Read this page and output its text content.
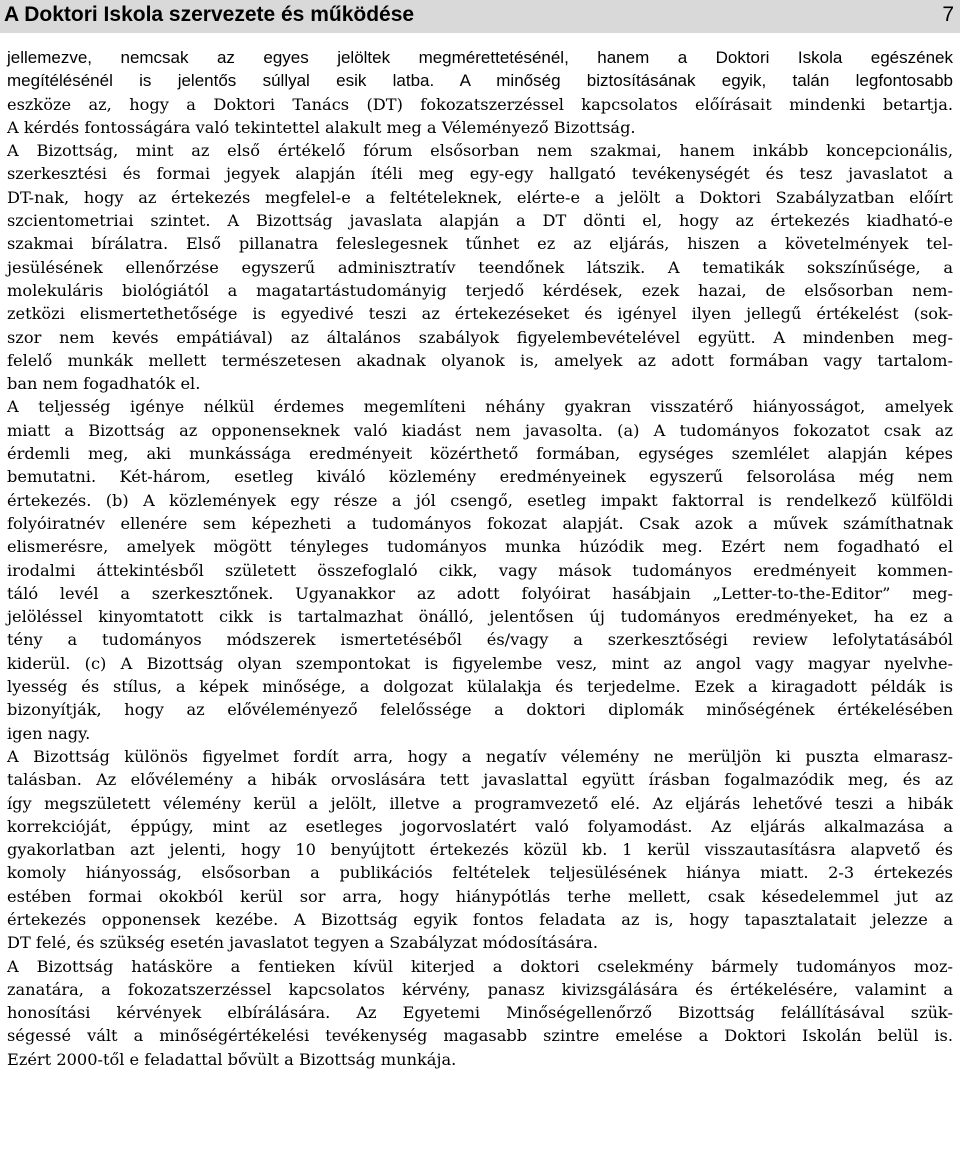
A Doktori Iskola szervezete és működése	7
jellemezve, nemcsak az egyes jelöltek megmérettetésénél, hanem a Doktori Iskola egészének
megítélésénél is jelentős súllyal esik latba. A minőség biztosításának egyik, talán legfontosabb
eszköze az, hogy a Doktori Tanács (DT) fokozatszerzéssel kapcsolatos előírásait mindenki betartja.
A kérdés fontosságára való tekintettel alakult meg a Véleményező Bizottság.
A Bizottság, mint az első értékelő fórum elsősorban nem szakmai, hanem inkább koncepcionális,
szerkesztési és formai jegyek alapján ítéli meg egy-egy hallgató tevékenységét és tesz javaslatot a
DT-nak, hogy az értekezés megfelel-e a feltételeknek, elérte-e a jelölt a Doktori Szabályzatban előírt
szcientometriai szintet. A Bizottság javaslata alapján a DT dönti el, hogy az értekezés kiadható-e
szakmai bírálatra. Első pillanatra feleslegesnek tűnhet ez az eljárás, hiszen a követelmények tel-
jesülésének ellenőrzése egyszerű adminisztratív teendőnek látszik. A tematikák sokszínűsége, a
molekuláris biológiától a magatartástudományig terjedő kérdések, ezek hazai, de elsősorban nem-
zetközi elismertethetősége is egyedivé teszi az értekezéseket és igényel ilyen jellegű értékelést (sok-
szor nem kevés empátiával) az általános szabályok figyelembevételével együtt. A mindenben meg-
felelő munkák mellett természetesen akadnak olyanok is, amelyek az adott formában vagy tartalom-
ban nem fogadhatók el.
A teljesség igénye nélkül érdemes megemlíteni néhány gyakran visszatérő hiányosságot, amelyek
miatt a Bizottság az opponenseknek való kiadást nem javasolta. (a) A tudományos fokozatot csak az
érdemli meg, aki munkássága eredményeit közérthető formában, egységes szemlélet alapján képes
bemutatni. Két-három, esetleg kiváló közlemény eredményeinek egyszerű felsorolása még nem
értekezés. (b) A közlemények egy része a jól csengő, esetleg impakt faktorral is rendelkező külföldi
folyóiratnév ellenére sem képezheti a tudományos fokozat alapját. Csak azok a művek számíthatnak
elismerésre, amelyek mögött tényleges tudományos munka húzódik meg. Ezért nem fogadható el
irodalmi áttekintésből született összefoglaló cikk, vagy mások tudományos eredményeit kommen-
táló levél a szerkesztőnek. Ugyanakkor az adott folyóirat hasábjain „Letter-to-the-Editor” meg-
jelöléssel kinyomtatott cikk is tartalmazhat önálló, jelentősen új tudományos eredményeket, ha ez a
tény a tudományos módszerek ismertetéséből és/vagy a szerkesztőségi review lefolytatásából
kiderül. (c) A Bizottság olyan szempontokat is figyelembe vesz, mint az angol vagy magyar nyelvhe-
lyesség és stílus, a képek minősége, a dolgozat külalakja és terjedelme. Ezek a kiragadott példák is
bizonyítják, hogy az elővéleményező felelőssége a doktori diplomák minőségének értékelésében
igen nagy.
A Bizottság különös figyelmet fordít arra, hogy a negatív vélemény ne merüljön ki puszta elmarasz-
talásban. Az elővélemény a hibák orvoslására tett javaslattal együtt írásban fogalmazódik meg, és az
így megszületett vélemény kerül a jelölt, illetve a programvezető elé. Az eljárás lehetővé teszi a hibák
korrekcióját, éppúgy, mint az esetleges jogorvoslatért való folyamodást. Az eljárás alkalmazása a
gyakorlatban azt jelenti, hogy 10 benyújtott értekezés közül kb. 1 kerül visszautasításra alapvető és
komoly hiányosság, elsősorban a publikációs feltételek teljesülésének hiánya miatt. 2-3 értekezés
estében formai okokból kerül sor arra, hogy hiánypótlás terhe mellett, csak késedelemmel jut az
értekezés opponensek kezébe. A Bizottság egyik fontos feladata az is, hogy tapasztalatait jelezze a
DT felé, és szükség esetén javaslatot tegyen a Szabályzat módosítására.
A Bizottság hatásköre a fentieken kívül kiterjed a doktori cselekmény bármely tudományos moz-
zanatára, a fokozatszerzéssel kapcsolatos kérvény, panasz kivizsgálására és értékelésére, valamint a
honosítási kérvények elbírálására. Az Egyetemi Minőségellenőrző Bizottság felállításával szük-
ségessé vált a minőségértékelési tevékenység magasabb szintre emelése a Doktori Iskolán belül is.
Ezért 2000-től e feladattal bővült a Bizottság munkája.
